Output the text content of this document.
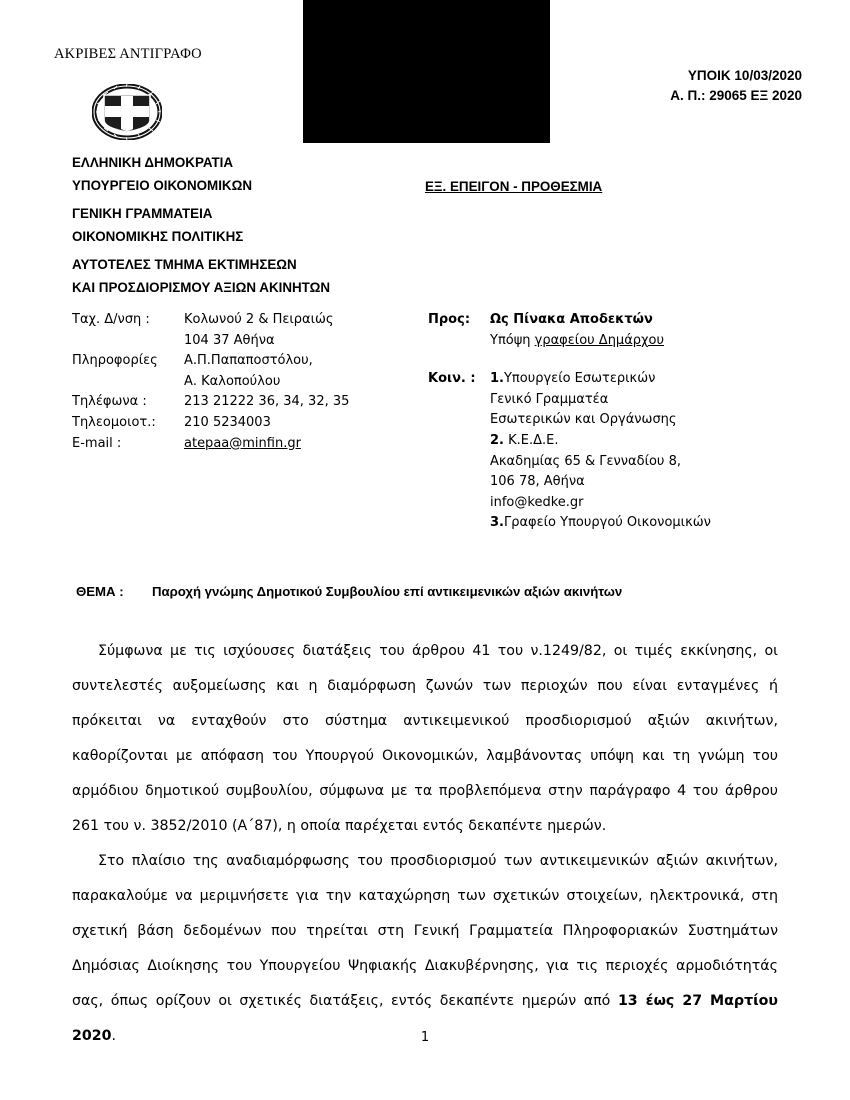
ΑΚΡΙΒΕΣ ΑΝΤΙΓΡΑΦΟ
ΥΠΟΙΚ 10/03/2020
Α. Π.: 29065 ΕΞ 2020
ΕΛΛΗΝΙΚΗ ΔΗΜΟΚΡΑΤΙΑ
ΥΠΟΥΡΓΕΙΟ ΟΙΚΟΝΟΜΙΚΩΝ
ΓΕΝΙΚΗ ΓΡΑΜΜΑΤΕΙΑ
ΟΙΚΟΝΟΜΙΚΗΣ ΠΟΛΙΤΙΚΗΣ
ΑΥΤΟΤΕΛΕΣ ΤΜΗΜΑ ΕΚΤΙΜΗΣΕΩΝ
ΚΑΙ ΠΡΟΣΔΙΟΡΙΣΜΟΥ ΑΞΙΩΝ ΑΚΙΝΗΤΩΝ
ΕΞ. ΕΠΕΙΓΟΝ - ΠΡΟΘΕΣΜΙΑ
Ταχ. Δ/νση :	Κολωνού 2 & Πειραιώς
	104 37 Αθήνα
Πληροφορίες	Α.Π.Παπαποστόλου,
	Α. Καλοπούλου
Τηλέφωνα :	213 21222 36, 34, 32, 35
Τηλεομοιοτ.:	210 5234003
E-mail :	atepaa@minfin.gr
Προς:	Ως Πίνακα Αποδεκτών
	Υπόψη γραφείου Δημάρχου

Κοιν. :	1.Υπουργείο Εσωτερικών
	Γενικό Γραμματέα
	Εσωτερικών και Οργάνωσης
	2. Κ.Ε.Δ.Ε.
	Ακαδημίας 65 & Γενναδίου 8,
	106 78, Αθήνα
	info@kedke.gr
	3.Γραφείο Υπουργού Οικονομικών
ΘΕΜΑ : Παροχή γνώμης Δημοτικού Συμβουλίου επί αντικειμενικών αξιών ακινήτων

Σύμφωνα με τις ισχύουσες διατάξεις του άρθρου 41 του ν.1249/82, οι τιμές εκκίνησης, οι συντελεστές αυξομείωσης και η διαμόρφωση ζωνών των περιοχών που είναι ενταγμένες ή πρόκειται να ενταχθούν στο σύστημα αντικειμενικού προσδιορισμού αξιών ακινήτων, καθορίζονται με απόφαση του Υπουργού Οικονομικών, λαμβάνοντας υπόψη και τη γνώμη του αρμόδιου δημοτικού συμβουλίου, σύμφωνα με τα προβλεπόμενα στην παράγραφο 4 του άρθρου 261 του ν. 3852/2010 (Α΄87), η οποία παρέχεται εντός δεκαπέντε ημερών.

Στο πλαίσιο της αναδιαμόρφωσης του προσδιορισμού των αντικειμενικών αξιών ακινήτων, παρακαλούμε να μεριμνήσετε για την καταχώρηση των σχετικών στοιχείων, ηλεκτρονικά, στη σχετική βάση δεδομένων που τηρείται στη Γενική Γραμματεία Πληροφοριακών Συστημάτων Δημόσιας Διοίκησης του Υπουργείου Ψηφιακής Διακυβέρνησης, για τις περιοχές αρμοδιότητάς σας, όπως ορίζουν οι σχετικές διατάξεις, εντός δεκαπέντε ημερών από 13 έως 27 Μαρτίου 2020.	1
